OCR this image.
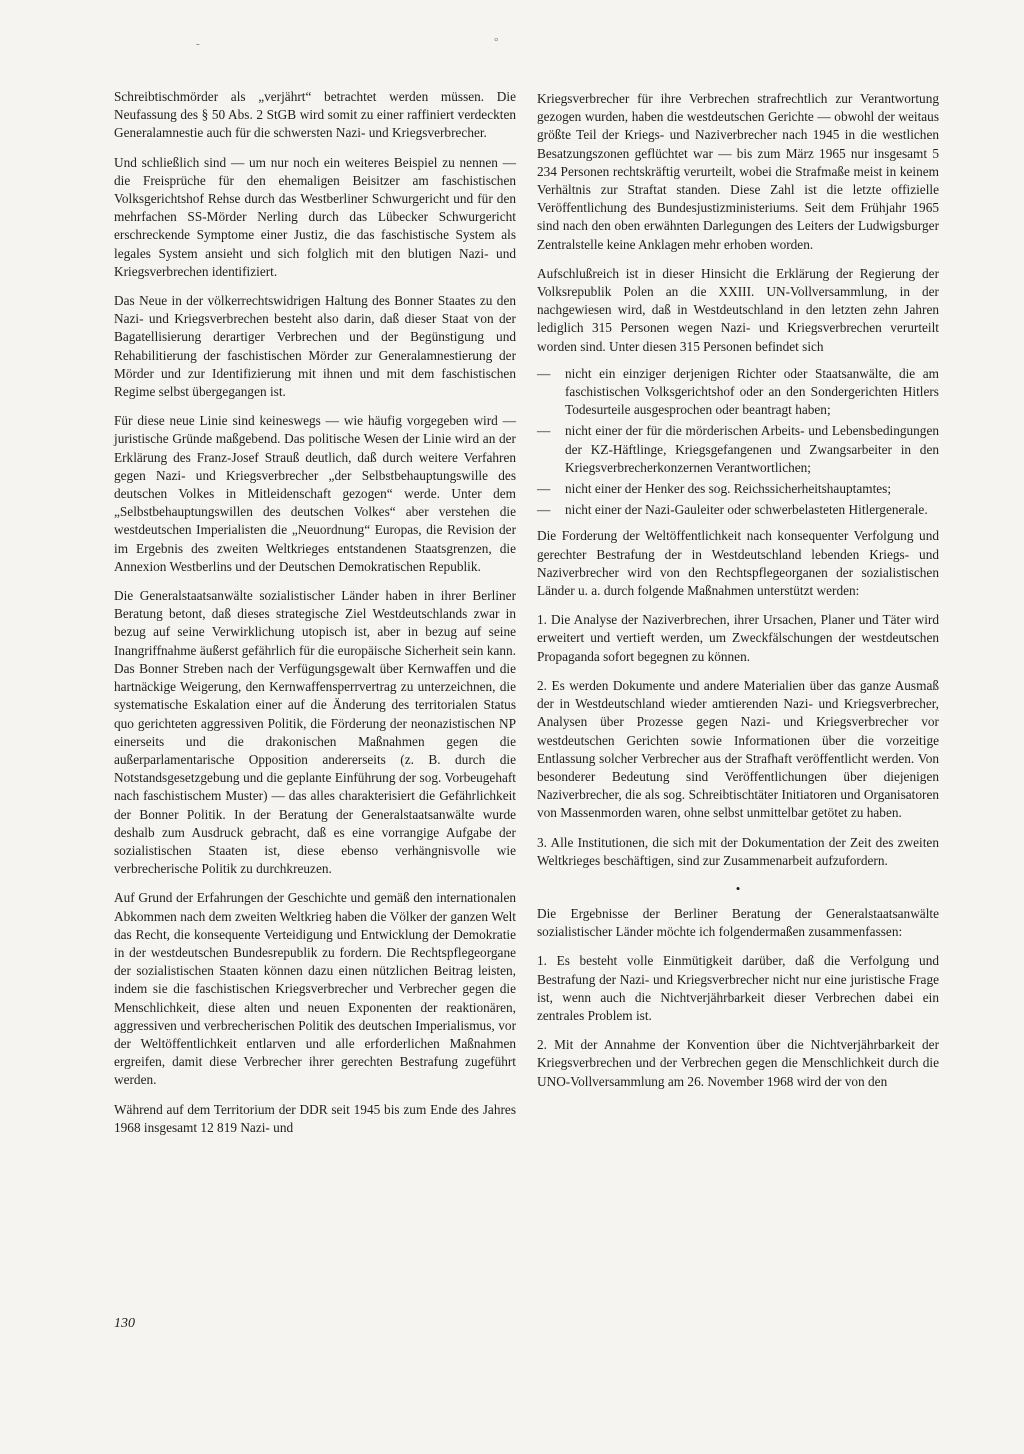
-	°

Schreibtischmörder als „verjährt“ betrachtet werden müssen. Die Neufassung des § 50 Abs. 2 StGB wird somit zu einer raffiniert verdeckten Generalamnestie auch für die schwersten Nazi- und Kriegsverbrecher.

Und schließlich sind — um nur noch ein weiteres Beispiel zu nennen — die Freisprüche für den ehemaligen Beisitzer am faschistischen Volksgerichtshof Rehse durch das Westberliner Schwurgericht und für den mehrfachen SS-Mörder Nerling durch das Lübecker Schwurgericht erschreckende Symptome einer Justiz, die das faschistische System als legales System ansieht und sich folglich mit den blutigen Nazi- und Kriegsverbrechen identifiziert.

Das Neue in der völkerrechtswidrigen Haltung des Bonner Staates zu den Nazi- und Kriegsverbrechen besteht also darin, daß dieser Staat von der Bagatellisierung derartiger Verbrechen und der Begünstigung und Rehabilitierung der faschistischen Mörder zur Generalamnestierung der Mörder und zur Identifizierung mit ihnen und mit dem faschistischen Regime selbst übergegangen ist.

Für diese neue Linie sind keineswegs — wie häufig vorgegeben wird — juristische Gründe maßgebend. Das politische Wesen der Linie wird an der Erklärung des Franz-Josef Strauß deutlich, daß durch weitere Verfahren gegen Nazi- und Kriegsverbrecher „der Selbstbehauptungswille des deutschen Volkes in Mitleidenschaft gezogen“ werde. Unter dem „Selbstbehauptungswillen des deutschen Volkes“ aber verstehen die westdeutschen Imperialisten die „Neuordnung“ Europas, die Revision der im Ergebnis des zweiten Weltkrieges entstandenen Staatsgrenzen, die Annexion Westberlins und der Deutschen Demokratischen Republik.

Die Generalstaatsanwälte sozialistischer Länder haben in ihrer Berliner Beratung betont, daß dieses strategische Ziel Westdeutschlands zwar in bezug auf seine Verwirklichung utopisch ist, aber in bezug auf seine Inangriffnahme äußerst gefährlich für die europäische Sicherheit sein kann. Das Bonner Streben nach der Verfügungsgewalt über Kernwaffen und die hartnäckige Weigerung, den Kernwaffensperrvertrag zu unterzeichnen, die systematische Eskalation einer auf die Änderung des territorialen Status quo gerichteten aggressiven Politik, die Förderung der neonazistischen NP einerseits und die drakonischen Maßnahmen gegen die außerparlamentarische Opposition andererseits (z. B. durch die Notstandsgesetzgebung und die geplante Einführung der sog. Vorbeugehaft nach faschistischem Muster) — das alles charakterisiert die Gefährlichkeit der Bonner Politik. In der Beratung der Generalstaatsanwälte wurde deshalb zum Ausdruck gebracht, daß es eine vorrangige Aufgabe der sozialistischen Staaten ist, diese ebenso verhängnisvolle wie verbrecherische Politik zu durchkreuzen.

Auf Grund der Erfahrungen der Geschichte und gemäß den internationalen Abkommen nach dem zweiten Weltkrieg haben die Völker der ganzen Welt das Recht, die konsequente Verteidigung und Entwicklung der Demokratie in der westdeutschen Bundesrepublik zu fordern. Die Rechtspflegeorgane der sozialistischen Staaten können dazu einen nützlichen Beitrag leisten, indem sie die faschistischen Kriegsverbrecher und Verbrecher gegen die Menschlichkeit, diese alten und neuen Exponenten der reaktionären, aggressiven und verbrecherischen Politik des deutschen Imperialismus, vor der Weltöffentlichkeit entlarven und alle erforderlichen Maßnahmen ergreifen, damit diese Verbrecher ihrer gerechten Bestrafung zugeführt werden.

Während auf dem Territorium der DDR seit 1945 bis zum Ende des Jahres 1968 insgesamt 12 819 Nazi- und

Kriegsverbrecher für ihre Verbrechen strafrechtlich zur Verantwortung gezogen wurden, haben die westdeutschen Gerichte — obwohl der weitaus größte Teil der Kriegs- und Naziverbrecher nach 1945 in die westlichen Besatzungszonen geflüchtet war — bis zum März 1965 nur insgesamt 5 234 Personen rechtskräftig verurteilt, wobei die Strafmaße meist in keinem Verhältnis zur Straftat standen. Diese Zahl ist die letzte offizielle Veröffentlichung des Bundesjustizministeriums. Seit dem Frühjahr 1965 sind nach den oben erwähnten Darlegungen des Leiters der Ludwigsburger Zentralstelle keine Anklagen mehr erhoben worden.

Aufschlußreich ist in dieser Hinsicht die Erklärung der Regierung der Volksrepublik Polen an die XXIII. UN-Vollversammlung, in der nachgewiesen wird, daß in Westdeutschland in den letzten zehn Jahren lediglich 315 Personen wegen Nazi- und Kriegsverbrechen verurteilt worden sind. Unter diesen 315 Personen befindet sich

— nicht ein einziger derjenigen Richter oder Staatsanwälte, die am faschistischen Volksgerichtshof oder an den Sondergerichten Hitlers Todesurteile ausgesprochen oder beantragt haben;
— nicht einer der für die mörderischen Arbeits- und Lebensbedingungen der KZ-Häftlinge, Kriegsgefangenen und Zwangsarbeiter in den Kriegsverbrecherkonzernen Verantwortlichen;
— nicht einer der Henker des sog. Reichssicherheitshauptamtes;
— nicht einer der Nazi-Gauleiter oder schwerbelasteten Hitlergenerale.

Die Forderung der Weltöffentlichkeit nach konsequenter Verfolgung und gerechter Bestrafung der in Westdeutschland lebenden Kriegs- und Naziverbrecher wird von den Rechtspflegeorganen der sozialistischen Länder u. a. durch folgende Maßnahmen unterstützt werden:

1. Die Analyse der Naziverbrechen, ihrer Ursachen, Planer und Täter wird erweitert und vertieft werden, um Zweckfälschungen der westdeutschen Propaganda sofort begegnen zu können.

2. Es werden Dokumente und andere Materialien über das ganze Ausmaß der in Westdeutschland wieder amtierenden Nazi- und Kriegsverbrecher, Analysen über Prozesse gegen Nazi- und Kriegsverbrecher vor westdeutschen Gerichten sowie Informationen über die vorzeitige Entlassung solcher Verbrecher aus der Strafhaft veröffentlicht werden. Von besonderer Bedeutung sind Veröffentlichungen über diejenigen Naziverbrecher, die als sog. Schreibtischtäter Initiatoren und Organisatoren von Massenmorden waren, ohne selbst unmittelbar getötet zu haben.

3. Alle Institutionen, die sich mit der Dokumentation der Zeit des zweiten Weltkrieges beschäftigen, sind zur Zusammenarbeit aufzufordern.

•

Die Ergebnisse der Berliner Beratung der Generalstaatsanwälte sozialistischer Länder möchte ich folgendermaßen zusammenfassen:

1. Es besteht volle Einmütigkeit darüber, daß die Verfolgung und Bestrafung der Nazi- und Kriegsverbrecher nicht nur eine juristische Frage ist, wenn auch die Nichtverjährbarkeit dieser Verbrechen dabei ein zentrales Problem ist.

2. Mit der Annahme der Konvention über die Nichtverjährbarkeit der Kriegsverbrechen und der Verbrechen gegen die Menschlichkeit durch die UNO-Vollversammlung am 26. November 1968 wird der von den

130
